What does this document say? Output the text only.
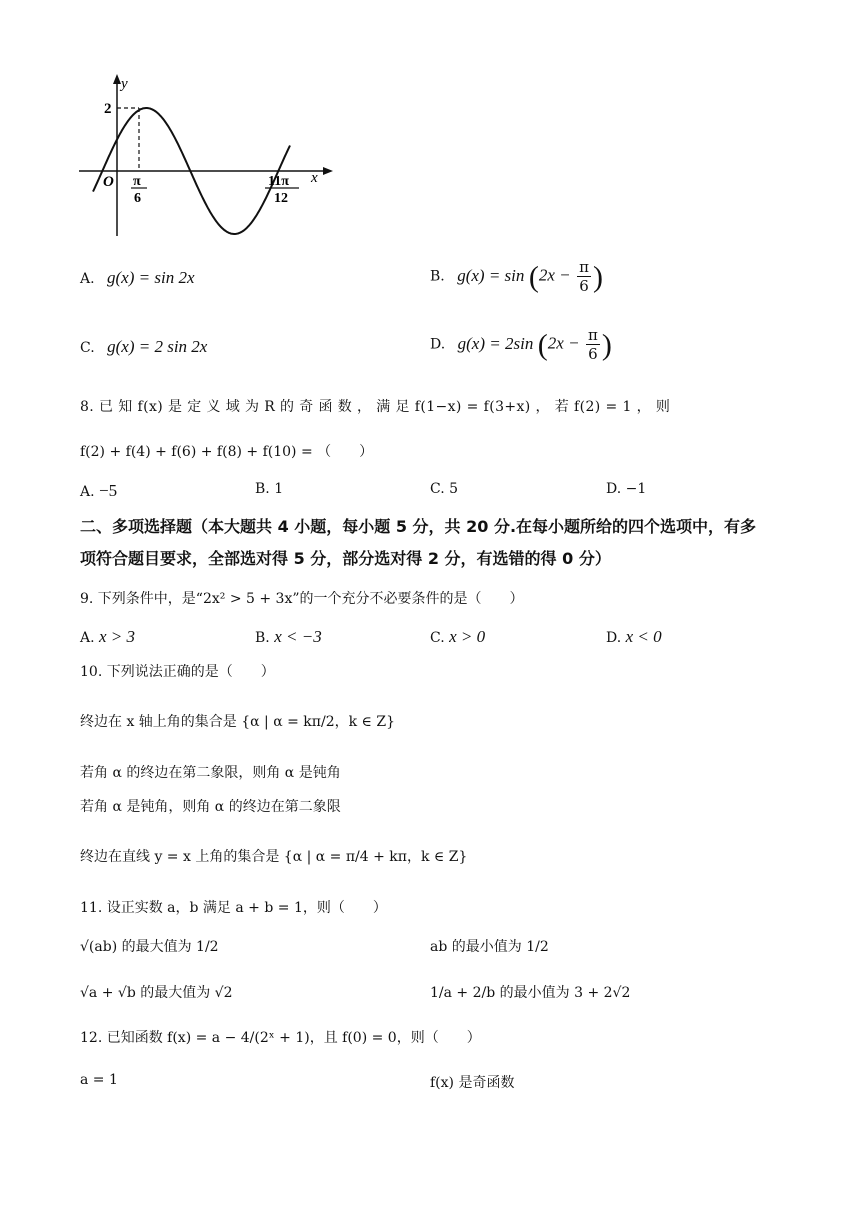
y
x
O
2
π
6
11π
12
A. g(x) = sin 2x	B. $g(x) = \sin (2x - \frac{\pi}{6}$ )
C. g(x) = 2 sin 2x	D. g(x) = 2sin ($2x - \frac{\pi}{6}$ )
8. 已 知 f(x) 是 定 义 域 为 R 的 奇 函 数 ， 满 足 f(1−x) = f(3+x) ， 若 f(2) = 1 ， 则
f(2) + f(4) + f(6) + f(8) + f(10) = （　　）
A. −5	B. 1	C. 5	D. −1
二、多项选择题（本大题共 4 小题，每小题 5 分，共 20 分.在每小题所给的四个选项中，有多
项符合题目要求，全部选对得 5 分，部分选对得 2 分，有选错的得 0 分）
9. 下列条件中，是“2x² > 5 + 3x”的一个充分不必要条件的是（　　）
A. x > 3	B. x < −3	C. x > 0	D. x < 0
10. 下列说法正确的是（　　）
终边在 x 轴上角的集合是 {α | α = kπ/2，k ∈ Z}
若角 α 的终边在第二象限，则角 α 是钝角
若角 α 是钝角，则角 α 的终边在第二象限
终边在直线 y = x 上角的集合是 {α | α = π/4 + kπ，k ∈ Z}
11. 设正实数 a，b 满足 a + b = 1，则（　　）
√(ab) 的最大值为 1/2	ab 的最小值为 1/2
√a + √b 的最大值为 √2	1/a + 2/b 的最小值为 3 + 2√2
12. 已知函数 f(x) = a − 4/(2ˣ + 1)，且 f(0) = 0，则（　　）
a = 1	f(x) 是奇函数
